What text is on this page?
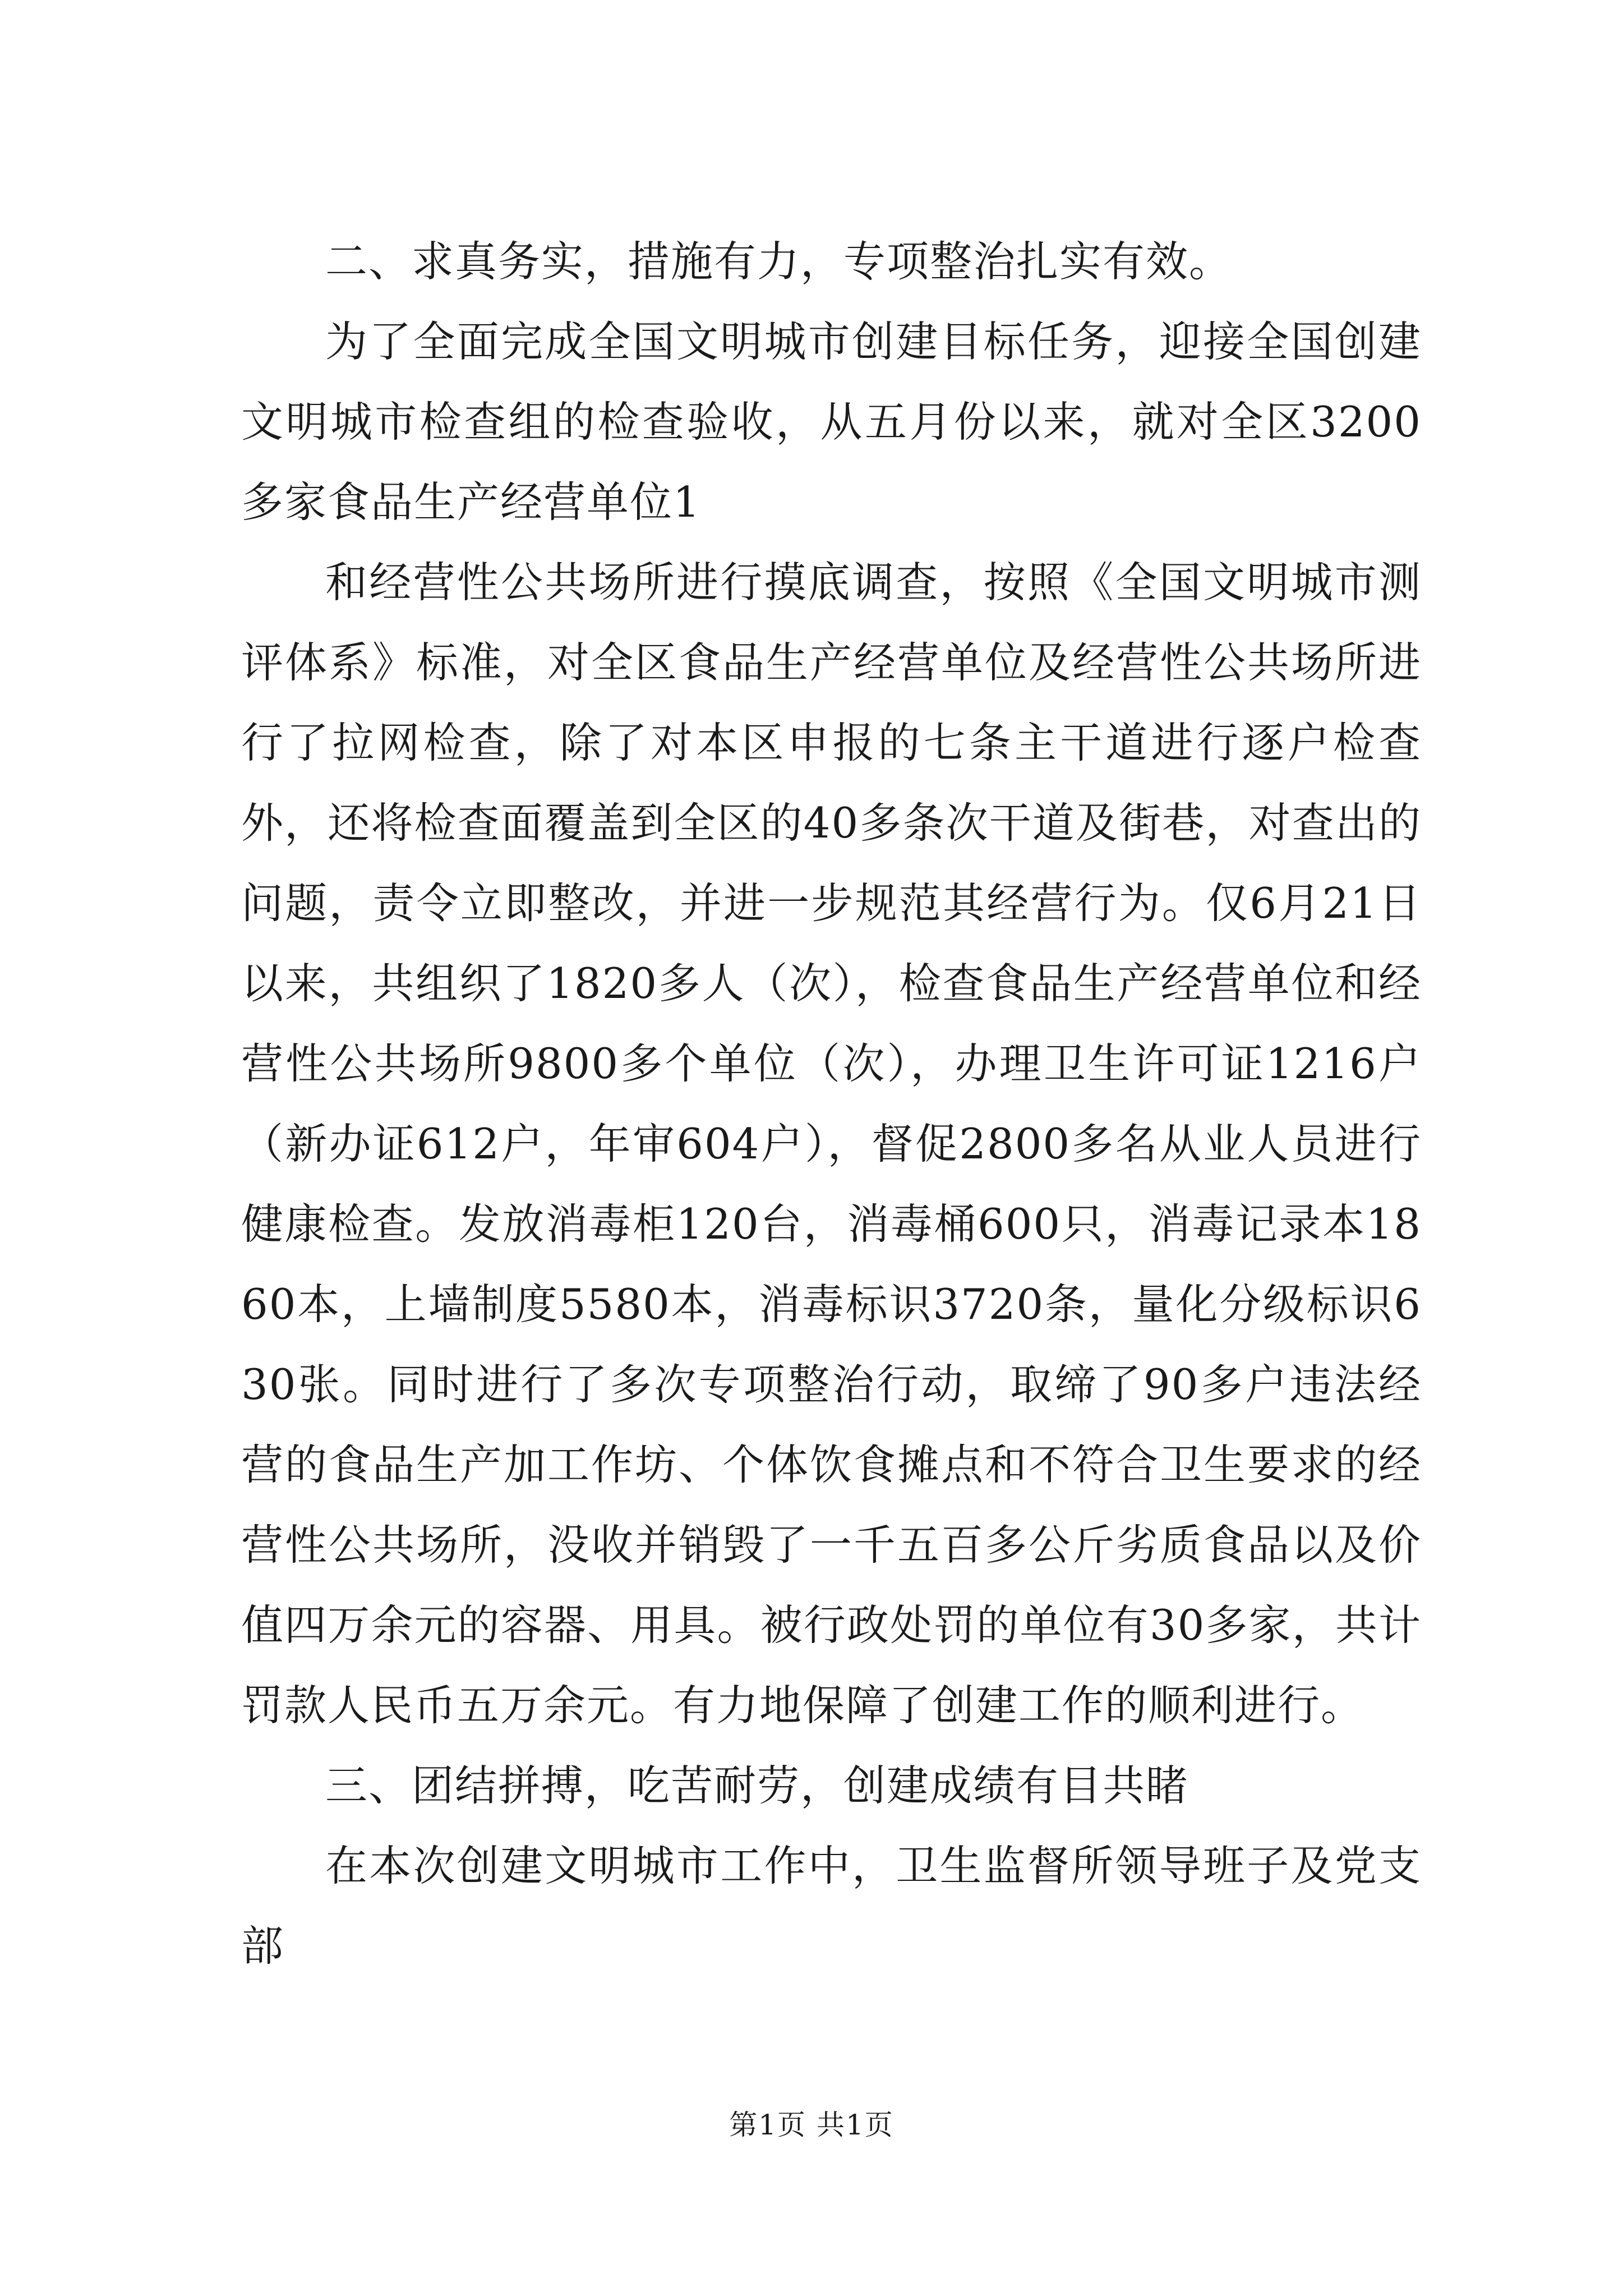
二、求真务实，措施有力，专项整治扎实有效。

为了全面完成全国文明城市创建目标任务，迎接全国创建文明城市检查组的检查验收，从五月份以来，就对全区3200多家食品生产经营单位1

和经营性公共场所进行摸底调查，按照《全国文明城市测评体系》标准，对全区食品生产经营单位及经营性公共场所进行了拉网检查，除了对本区申报的七条主干道进行逐户检查外，还将检查面覆盖到全区的40多条次干道及街巷，对查出的问题，责令立即整改，并进一步规范其经营行为。仅6月21日以来，共组织了1820多人（次），检查食品生产经营单位和经营性公共场所9800多个单位（次），办理卫生许可证1216户（新办证612户，年审604户），督促2800多名从业人员进行健康检查。发放消毒柜120台，消毒桶600只，消毒记录本1860本，上墙制度5580本，消毒标识3720条，量化分级标识630张。同时进行了多次专项整治行动，取缔了90多户违法经营的食品生产加工作坊、个体饮食摊点和不符合卫生要求的经营性公共场所，没收并销毁了一千五百多公斤劣质食品以及价值四万余元的容器、用具。被行政处罚的单位有30多家，共计罚款人民币五万余元。有力地保障了创建工作的顺利进行。

三、团结拼搏，吃苦耐劳，创建成绩有目共睹

在本次创建文明城市工作中，卫生监督所领导班子及党支部

第1页 共1页
